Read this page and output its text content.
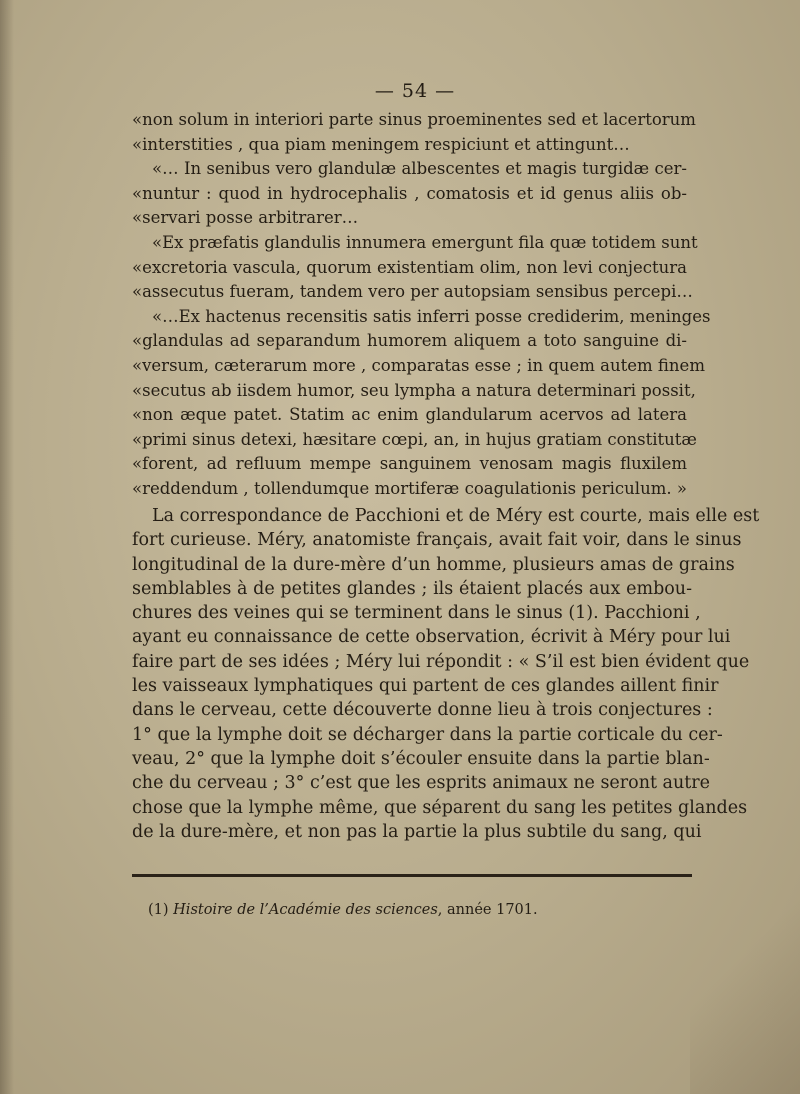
— 54 —
«non solum in interiori parte sinus proeminentes sed et lacertorum
«interstities , qua piam meningem respiciunt et attingunt…
«… In senibus vero glandulæ albescentes et magis turgidæ cer-
«nuntur : quod in hydrocephalis , comatosis et id genus aliis ob-
«servari posse arbitrarer…
«Ex præfatis glandulis innumera emergunt fila quæ totidem sunt
«excretoria vascula, quorum existentiam olim, non levi conjectura
«assecutus fueram, tandem vero per autopsiam sensibus percepi…
«…Ex hactenus recensitis satis inferri posse crediderim, meninges
«glandulas ad separandum humorem aliquem a toto sanguine di-
«versum, cæterarum more , comparatas esse ; in quem autem finem
«secutus ab iisdem humor, seu lympha a natura determinari possit,
«non æque patet. Statim ac enim glandularum acervos ad latera
«primi sinus detexi, hæsitare cœpi, an, in hujus gratiam constitutæ
«forent, ad refluum mempe sanguinem venosam magis fluxilem
«reddendum , tollendumque mortiferæ coagulationis periculum. »
La correspondance de Pacchioni et de Méry est courte, mais elle est
fort curieuse. Méry, anatomiste français, avait fait voir, dans le sinus
longitudinal de la dure-mère d’un homme, plusieurs amas de grains
semblables à de petites glandes ; ils étaient placés aux embou-
chures des veines qui se terminent dans le sinus (1). Pacchioni ,
ayant eu connaissance de cette observation, écrivit à Méry pour lui
faire part de ses idées ; Méry lui répondit : « S’il est bien évident que
les vaisseaux lymphatiques qui partent de ces glandes aillent finir
dans le cerveau, cette découverte donne lieu à trois conjectures :
1° que la lymphe doit se décharger dans la partie corticale du cer-
veau, 2° que la lymphe doit s’écouler ensuite dans la partie blan-
che du cerveau ; 3° c’est que les esprits animaux ne seront autre
chose que la lymphe même, que séparent du sang les petites glandes
de la dure-mère, et non pas la partie la plus subtile du sang, qui
(1) Histoire de l’Académie des sciences, année 1701.
